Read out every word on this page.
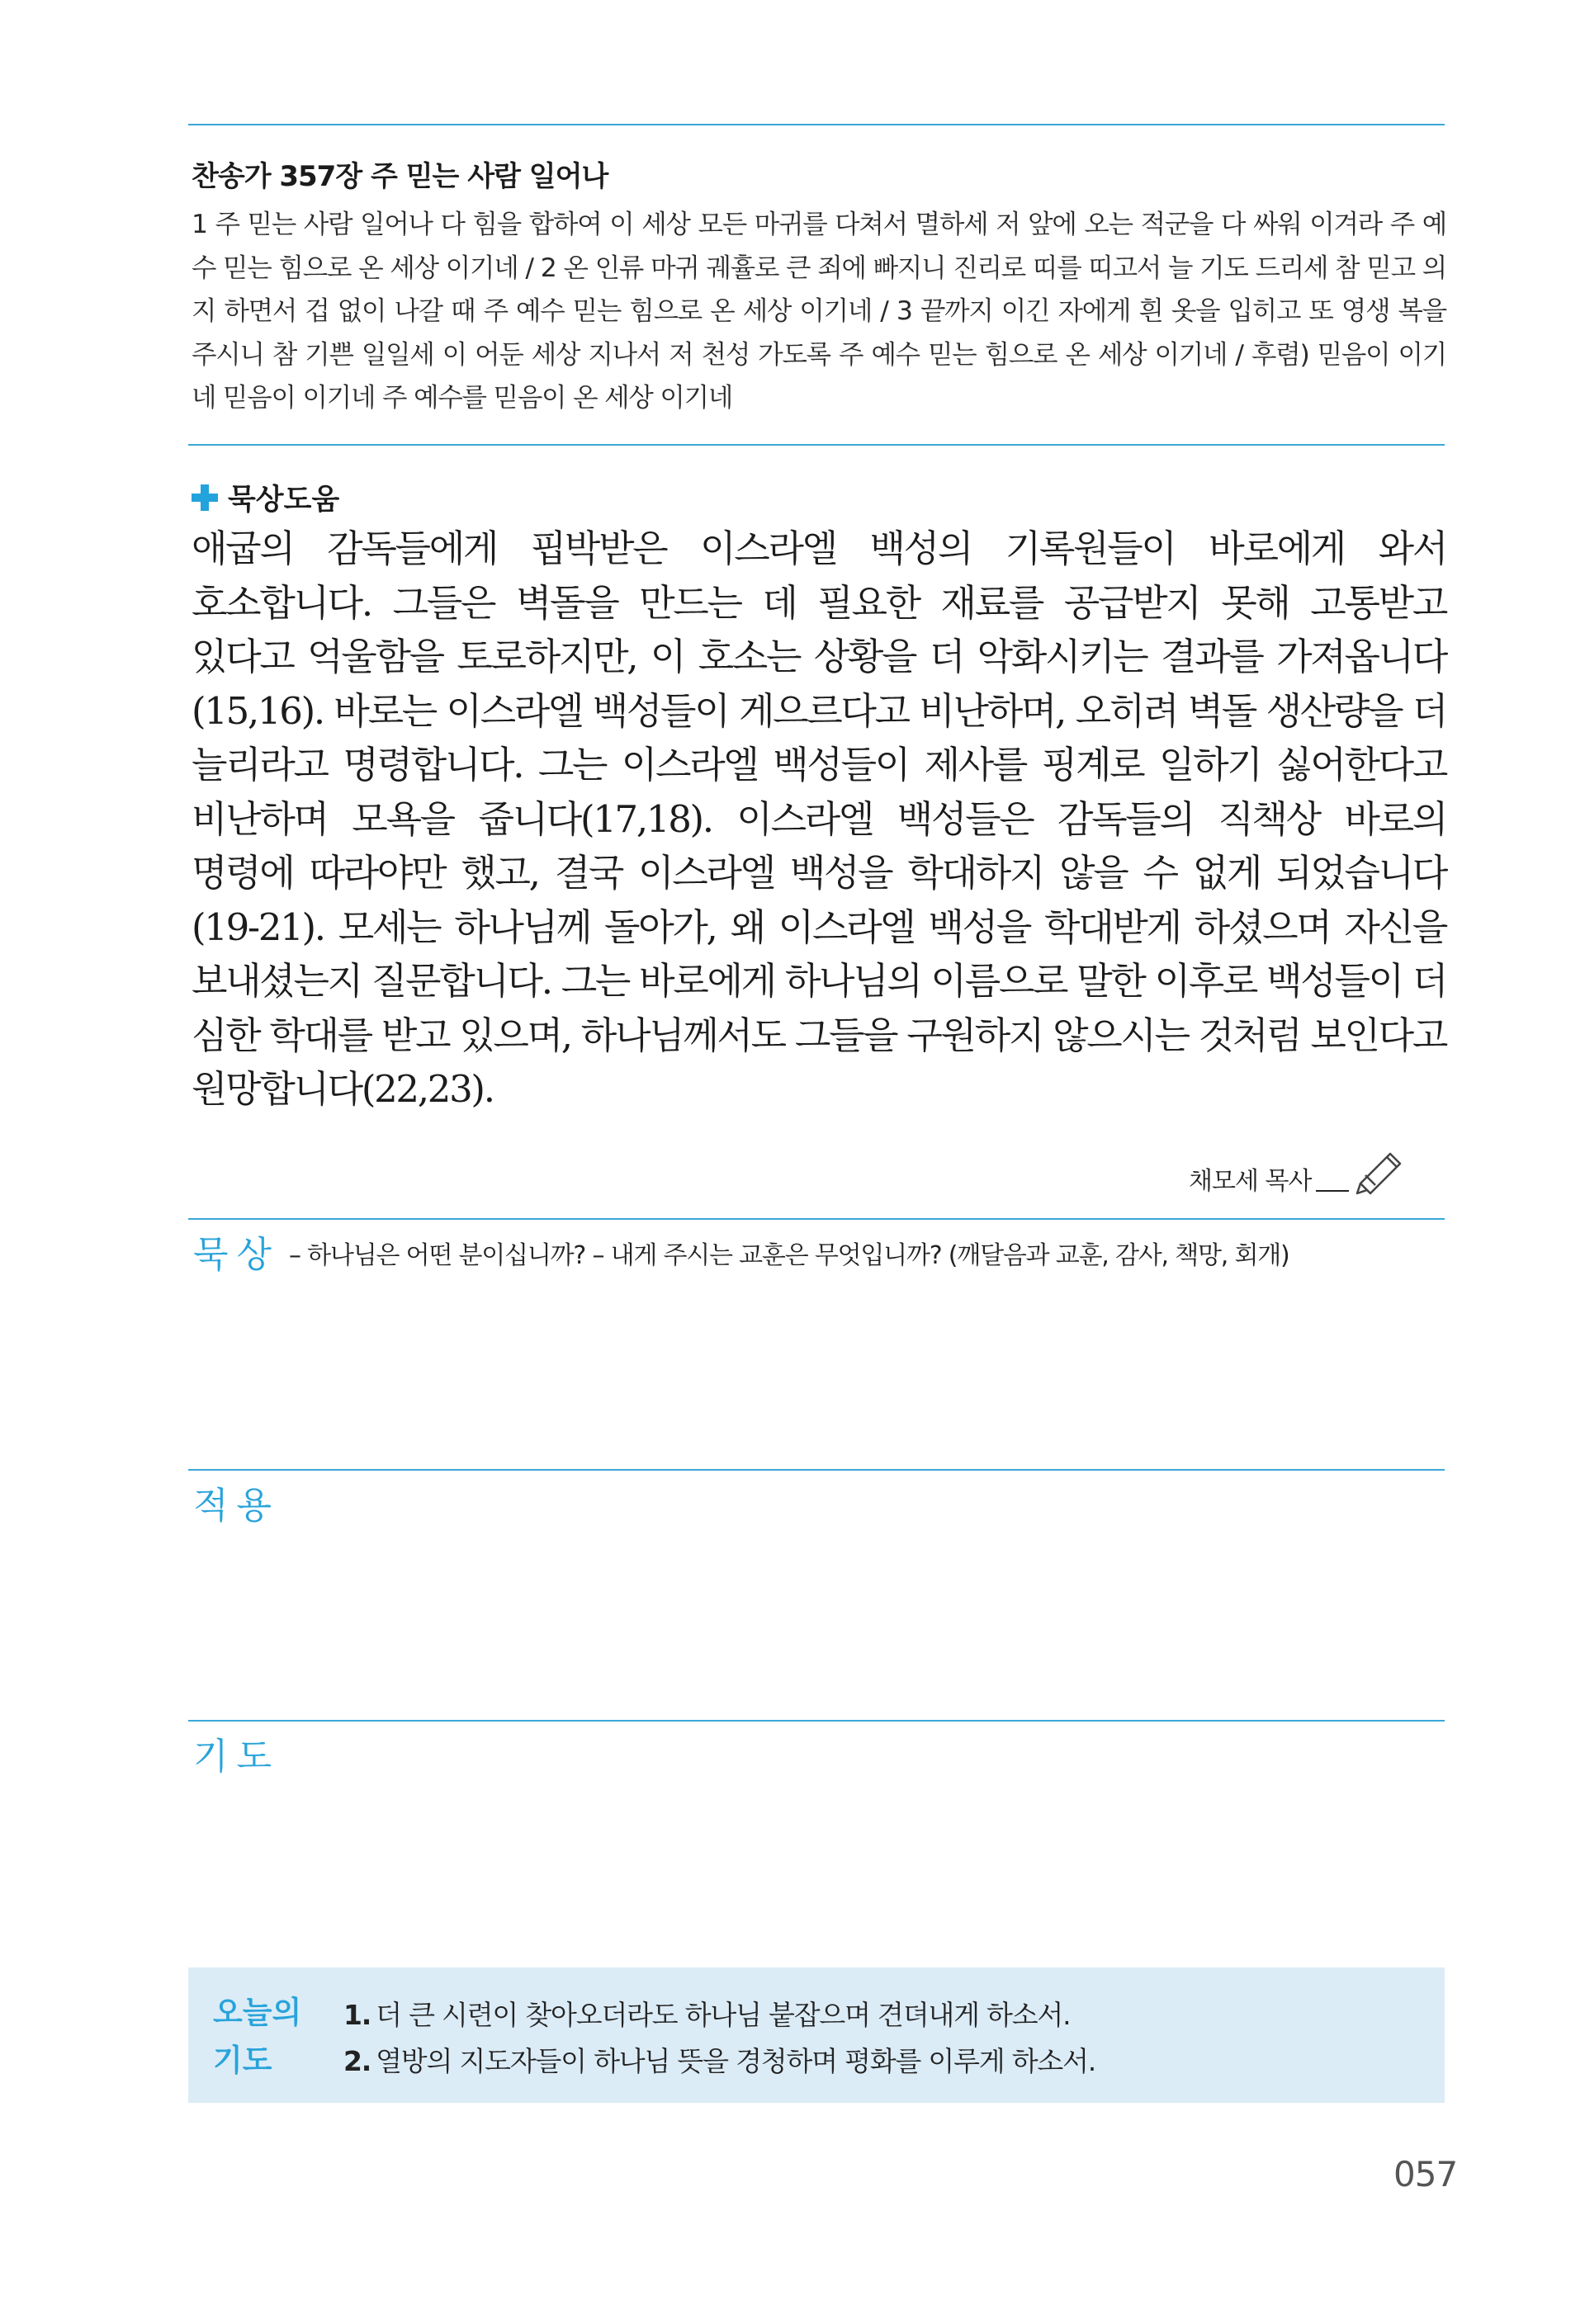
찬송가 357장 주 믿는 사람 일어나
1 주 믿는 사람 일어나 다 힘을 합하여 이 세상 모든 마귀를 다쳐서 멸하세 저 앞에 오는 적군을 다 싸워 이겨라 주 예수 믿는 힘으로 온 세상 이기네 / 2 온 인류 마귀 궤휼로 큰 죄에 빠지니 진리로 띠를 띠고서 늘 기도 드리세 참 믿고 의지 하면서 겁 없이 나갈 때 주 예수 믿는 힘으로 온 세상 이기네 / 3 끝까지 이긴 자에게 흰 옷을 입히고 또 영생 복을 주시니 참 기쁜 일일세 이 어둔 세상 지나서 저 천성 가도록 주 예수 믿는 힘으로 온 세상 이기네 / 후렴) 믿음이 이기네 믿음이 이기네 주 예수를 믿음이 온 세상 이기네
묵상도움
애굽의 감독들에게 핍박받은 이스라엘 백성의 기록원들이 바로에게 와서 호소합니다. 그들은 벽돌을 만드는 데 필요한 재료를 공급받지 못해 고통받고 있다고 억울함을 토로하지만, 이 호소는 상황을 더 악화시키는 결과를 가져옵니다(15,16). 바로는 이스라엘 백성들이 게으르다고 비난하며, 오히려 벽돌 생산량을 더 늘리라고 명령합니다. 그는 이스라엘 백성들이 제사를 핑계로 일하기 싫어한다고 비난하며 모욕을 줍니다(17,18). 이스라엘 백성들은 감독들의 직책상 바로의 명령에 따라야만 했고, 결국 이스라엘 백성을 학대하지 않을 수 없게 되었습니다(19-21). 모세는 하나님께 돌아가, 왜 이스라엘 백성을 학대받게 하셨으며 자신을 보내셨는지 질문합니다. 그는 바로에게 하나님의 이름으로 말한 이후로 백성들이 더 심한 학대를 받고 있으며, 하나님께서도 그들을 구원하지 않으시는 것처럼 보인다고 원망합니다(22,23).
채모세 목사
묵상 – 하나님은 어떤 분이십니까? – 내게 주시는 교훈은 무엇입니까? (깨달음과 교훈, 감사, 책망, 회개)
적용
기도
오늘의
기도
1. 더 큰 시련이 찾아오더라도 하나님 붙잡으며 견뎌내게 하소서.
2. 열방의 지도자들이 하나님 뜻을 경청하며 평화를 이루게 하소서.
057
